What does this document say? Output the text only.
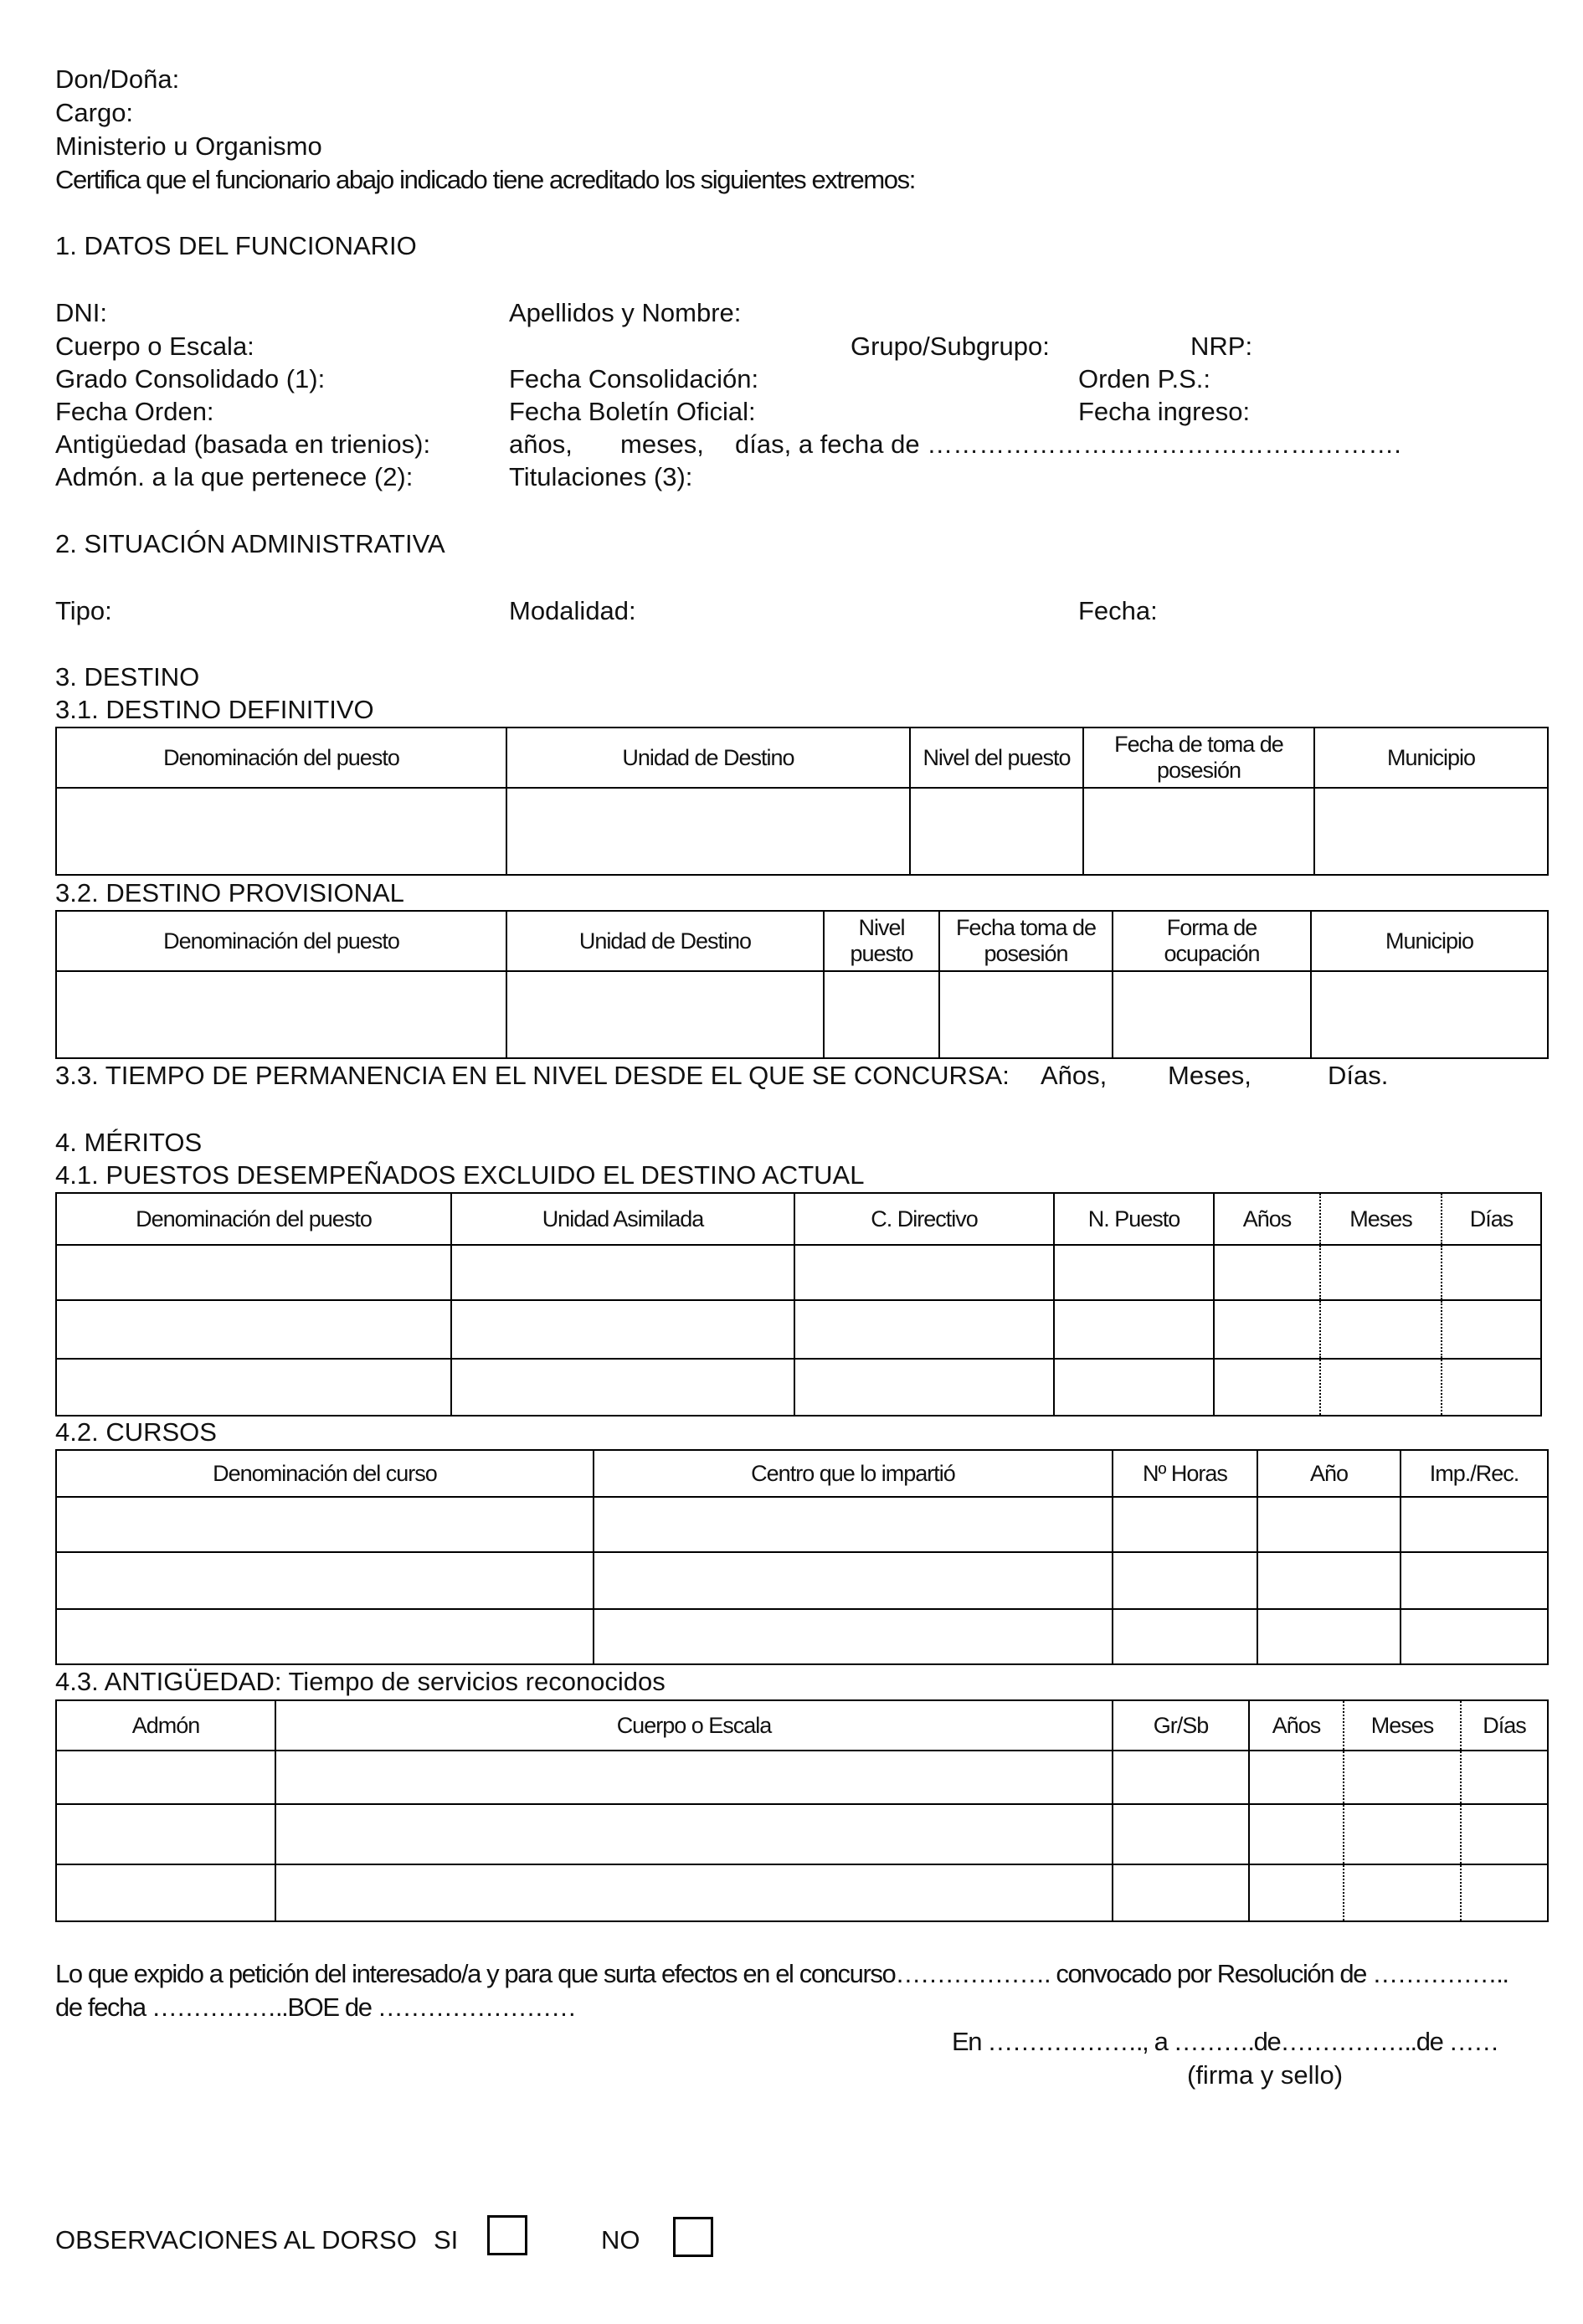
Don/Doña:
Cargo:
Ministerio u Organismo
Certifica que el funcionario abajo indicado tiene acreditado los siguientes extremos:
1. DATOS DEL FUNCIONARIO
DNI:	Apellidos y Nombre:
Cuerpo o Escala:	Grupo/Subgrupo:	NRP:
Grado Consolidado (1):	Fecha Consolidación:	Orden P.S.:
Fecha Orden:	Fecha Boletín Oficial:	Fecha ingreso:
Antigüedad (basada en trienios):	años, meses, días, a fecha de ……………………………………………….
Admón. a la que pertenece (2):	Titulaciones (3):
2. SITUACIÓN ADMINISTRATIVA
Tipo:	Modalidad:	Fecha:
3. DESTINO
3.1. DESTINO DEFINITIVO
Denominación del puesto	Unidad de Destino	Nivel del puesto	Fecha de toma de posesión	Municipio

3.2. DESTINO PROVISIONAL
Denominación del puesto	Unidad de Destino	Nivel puesto	Fecha toma de posesión	Forma de ocupación	Municipio

3.3. TIEMPO DE PERMANENCIA EN EL NIVEL DESDE EL QUE SE CONCURSA: Años, Meses,	Días.
4. MÉRITOS
4.1. PUESTOS DESEMPEÑADOS EXCLUIDO EL DESTINO ACTUAL
Denominación del puesto	Unidad Asimilada	C. Directivo	N. Puesto	Años	Meses	Días

4.2. CURSOS
Denominación del curso	Centro que lo impartió	Nº Horas	Año	Imp./Rec.

4.3. ANTIGÜEDAD: Tiempo de servicios reconocidos
Admón	Cuerpo o Escala	Gr/Sb	Años	Meses	Días

Lo que expido a petición del interesado/a y para que surta efectos en el concurso………………. convocado por Resolución de ……………..
de fecha ……………..BOE de ……………………
En ………………., a ……….de……………..de ……
(firma y sello)
OBSERVACIONES AL DORSO SI	NO
